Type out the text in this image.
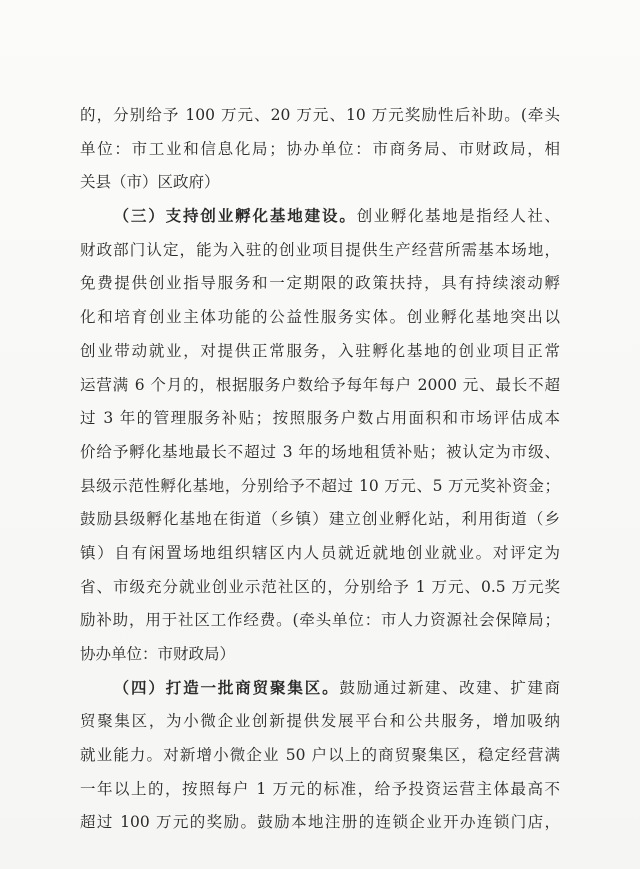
的，分别给予 100 万元、20 万元、10 万元奖励性后补助。(牵头
单位：市工业和信息化局；协办单位：市商务局、市财政局，相
关县（市）区政府）
（三）支持创业孵化基地建设。创业孵化基地是指经人社、
财政部门认定，能为入驻的创业项目提供生产经营所需基本场地，
免费提供创业指导服务和一定期限的政策扶持，具有持续滚动孵
化和培育创业主体功能的公益性服务实体。创业孵化基地突出以
创业带动就业，对提供正常服务，入驻孵化基地的创业项目正常
运营满 6 个月的，根据服务户数给予每年每户 2000 元、最长不超
过 3 年的管理服务补贴；按照服务户数占用面积和市场评估成本
价给予孵化基地最长不超过 3 年的场地租赁补贴；被认定为市级、
县级示范性孵化基地，分别给予不超过 10 万元、5 万元奖补资金；
鼓励县级孵化基地在街道（乡镇）建立创业孵化站，利用街道（乡
镇）自有闲置场地组织辖区内人员就近就地创业就业。对评定为
省、市级充分就业创业示范社区的，分别给予 1 万元、0.5 万元奖
励补助，用于社区工作经费。(牵头单位：市人力资源社会保障局；
协办单位：市财政局）
（四）打造一批商贸聚集区。鼓励通过新建、改建、扩建商
贸聚集区，为小微企业创新提供发展平台和公共服务，增加吸纳
就业能力。对新增小微企业 50 户以上的商贸聚集区，稳定经营满
一年以上的，按照每户 1 万元的标准，给予投资运营主体最高不
超过 100 万元的奖励。鼓励本地注册的连锁企业开办连锁门店，
